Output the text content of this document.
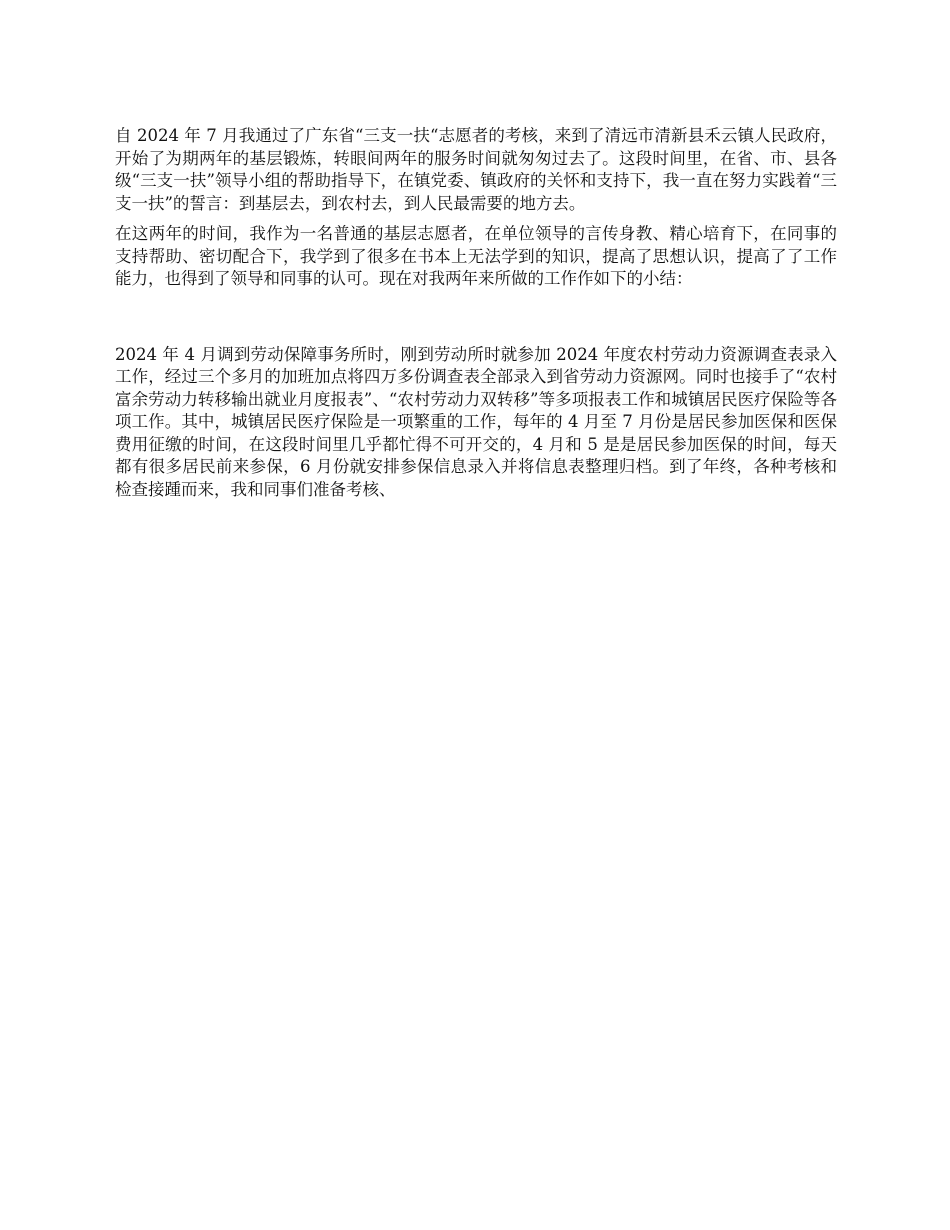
自 2024 年 7 月我通过了广东省“三支一扶“志愿者的考核，来到了清远市清新县禾云镇人民政府，开始了为期两年的基层锻炼，转眼间两年的服务时间就匆匆过去了。这段时间里，在省、市、县各级“三支一扶”领导小组的帮助指导下，在镇党委、镇政府的关怀和支持下，我一直在努力实践着“三支一扶”的誓言：到基层去，到农村去，到人民最需要的地方去。

在这两年的时间，我作为一名普通的基层志愿者，在单位领导的言传身教、精心培育下，在同事的支持帮助、密切配合下，我学到了很多在书本上无法学到的知识，提高了思想认识，提高了了工作能力，也得到了领导和同事的认可。现在对我两年来所做的工作作如下的小结：

2024 年 4 月调到劳动保障事务所时，刚到劳动所时就参加 2024 年度农村劳动力资源调查表录入工作，经过三个多月的加班加点将四万多份调查表全部录入到省劳动力资源网。同时也接手了“农村富余劳动力转移输出就业月度报表”、“农村劳动力双转移”等多项报表工作和城镇居民医疗保险等各项工作。其中，城镇居民医疗保险是一项繁重的工作，每年的 4 月至 7 月份是居民参加医保和医保费用征缴的时间，在这段时间里几乎都忙得不可开交的，4 月和 5 是是居民参加医保的时间，每天都有很多居民前来参保，6 月份就安排参保信息录入并将信息表整理归档。到了年终，各种考核和检查接踵而来，我和同事们准备考核、
